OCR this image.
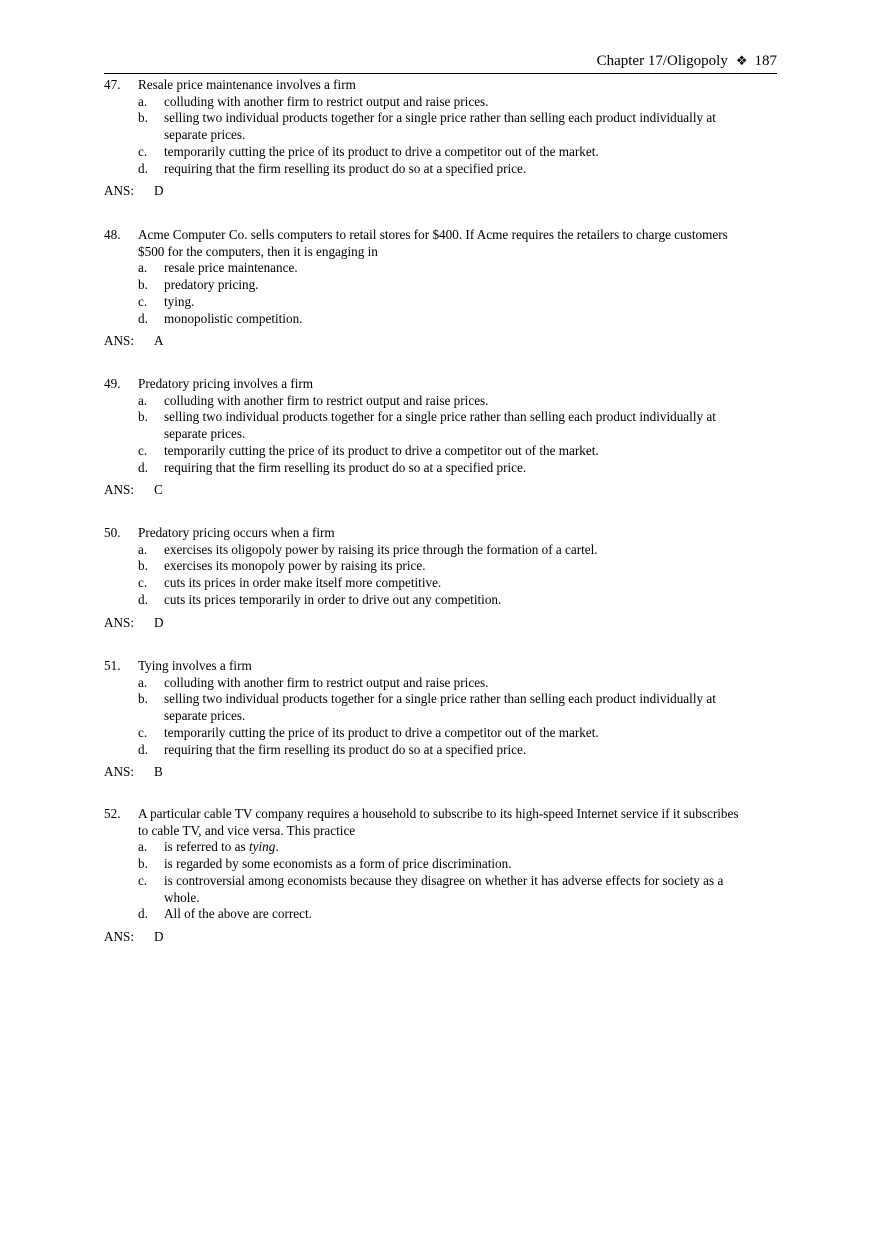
Chapter 17/Oligopoly ❖ 187
47.	Resale price maintenance involves a firm
a.	colluding with another firm to restrict output and raise prices.
b.	selling two individual products together for a single price rather than selling each product individually at separate prices.
c.	temporarily cutting the price of its product to drive a competitor out of the market.
d.	requiring that the firm reselling its product do so at a specified price.
ANS:	D
48.	Acme Computer Co. sells computers to retail stores for $400. If Acme requires the retailers to charge customers $500 for the computers, then it is engaging in
a.	resale price maintenance.
b.	predatory pricing.
c.	tying.
d.	monopolistic competition.
ANS:	A
49.	Predatory pricing involves a firm
a.	colluding with another firm to restrict output and raise prices.
b.	selling two individual products together for a single price rather than selling each product individually at separate prices.
c.	temporarily cutting the price of its product to drive a competitor out of the market.
d.	requiring that the firm reselling its product do so at a specified price.
ANS:	C
50.	Predatory pricing occurs when a firm
a.	exercises its oligopoly power by raising its price through the formation of a cartel.
b.	exercises its monopoly power by raising its price.
c.	cuts its prices in order make itself more competitive.
d.	cuts its prices temporarily in order to drive out any competition.
ANS:	D
51.	Tying involves a firm
a.	colluding with another firm to restrict output and raise prices.
b.	selling two individual products together for a single price rather than selling each product individually at separate prices.
c.	temporarily cutting the price of its product to drive a competitor out of the market.
d.	requiring that the firm reselling its product do so at a specified price.
ANS:	B
52.	A particular cable TV company requires a household to subscribe to its high-speed Internet service if it subscribes to cable TV, and vice versa. This practice
a.	is referred to as tying.
b.	is regarded by some economists as a form of price discrimination.
c.	is controversial among economists because they disagree on whether it has adverse effects for society as a whole.
d.	All of the above are correct.
ANS:	D
